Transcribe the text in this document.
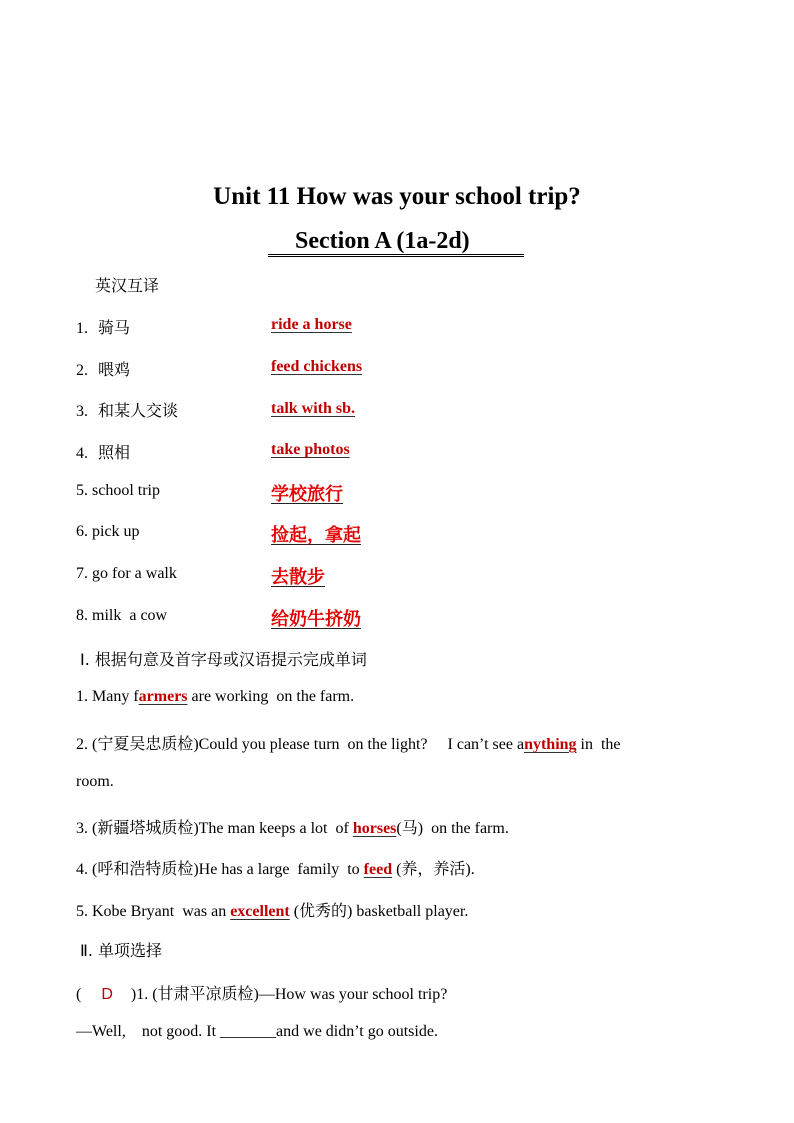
Unit 11 How was your school trip?
Section A (1a-2d)
英汉互译
1. 骑马	ride a horse
2. 喂鸡	feed chickens
3. 和某人交谈	talk with sb.
4. 照相	take photos
5. school trip	学校旅行
6. pick up	捡起，拿起
7. go for a walk	去散步
8. milk  a cow	给奶牛挤奶
Ⅰ. 根据句意及首字母或汉语提示完成单词
1. Many farmers are working  on the farm.
2. (宁夏吴忠质检)Could you please turn  on the light?     I can’t see anything in  the
room.
3. (新疆塔城质检)The man keeps a lot  of horses(马)  on the farm.
4. (呼和浩特质检)He has a large  family  to feed (养，养活).
5. Kobe Bryant  was an excellent (优秀的) basketball player.
Ⅱ. 单项选择
( D )1. (甘肃平凉质检)—How was your school trip?
—Well,    not good. It _______and we didn’t go outside.
